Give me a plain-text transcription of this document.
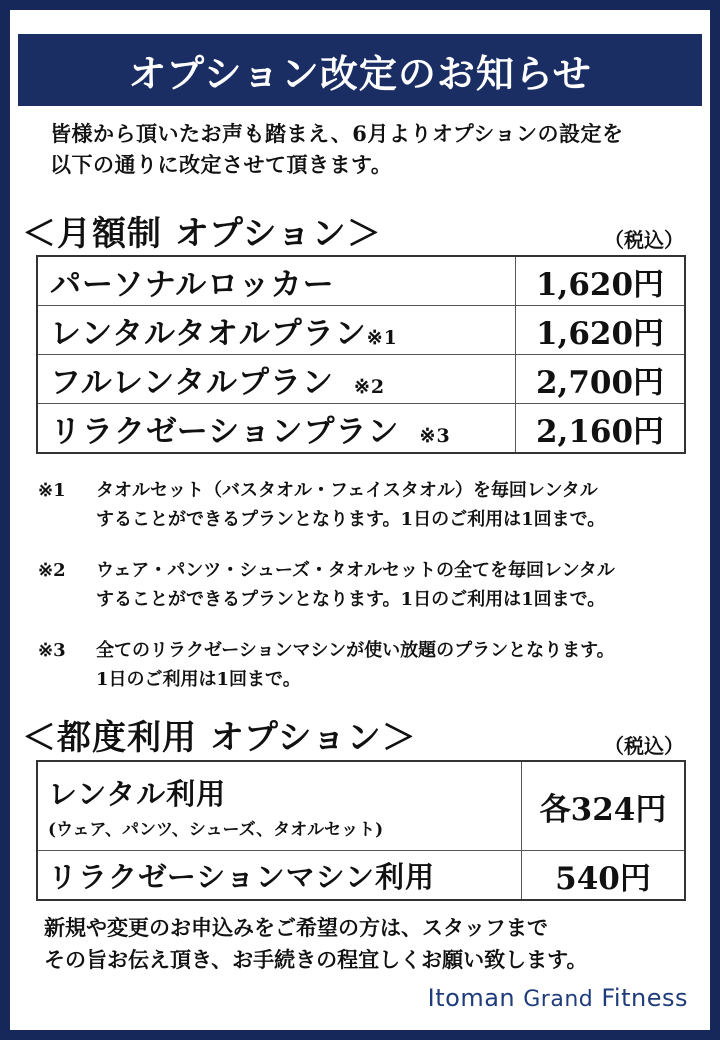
オプション改定のお知らせ
皆様から頂いたお声も踏まえ、6月よりオプションの設定を
以下の通りに改定させて頂きます。
＜月額制 オプション＞	（税込）
パーソナルロッカー	1,620円
レンタルタオルプラン※1	1,620円
フルレンタルプラン ※2	2,700円
リラクゼーションプラン ※3	2,160円
※1	タオルセット（バスタオル・フェイスタオル）を毎回レンタル
することができるプランとなります。1日のご利用は1回まで。
※2	ウェア・パンツ・シューズ・タオルセットの全てを毎回レンタル
することができるプランとなります。1日のご利用は1回まで。
※3	全てのリラクゼーションマシンが使い放題のプランとなります。
1日のご利用は1回まで。
＜都度利用 オプション＞	（税込）
レンタル利用
(ウェア、パンツ、シューズ、タオルセット)	各324円

リラクゼーションマシン利用	540円
新規や変更のお申込みをご希望の方は、スタッフまで
その旨お伝え頂き、お手続きの程宜しくお願い致します。
Itoman Grand Fitness
